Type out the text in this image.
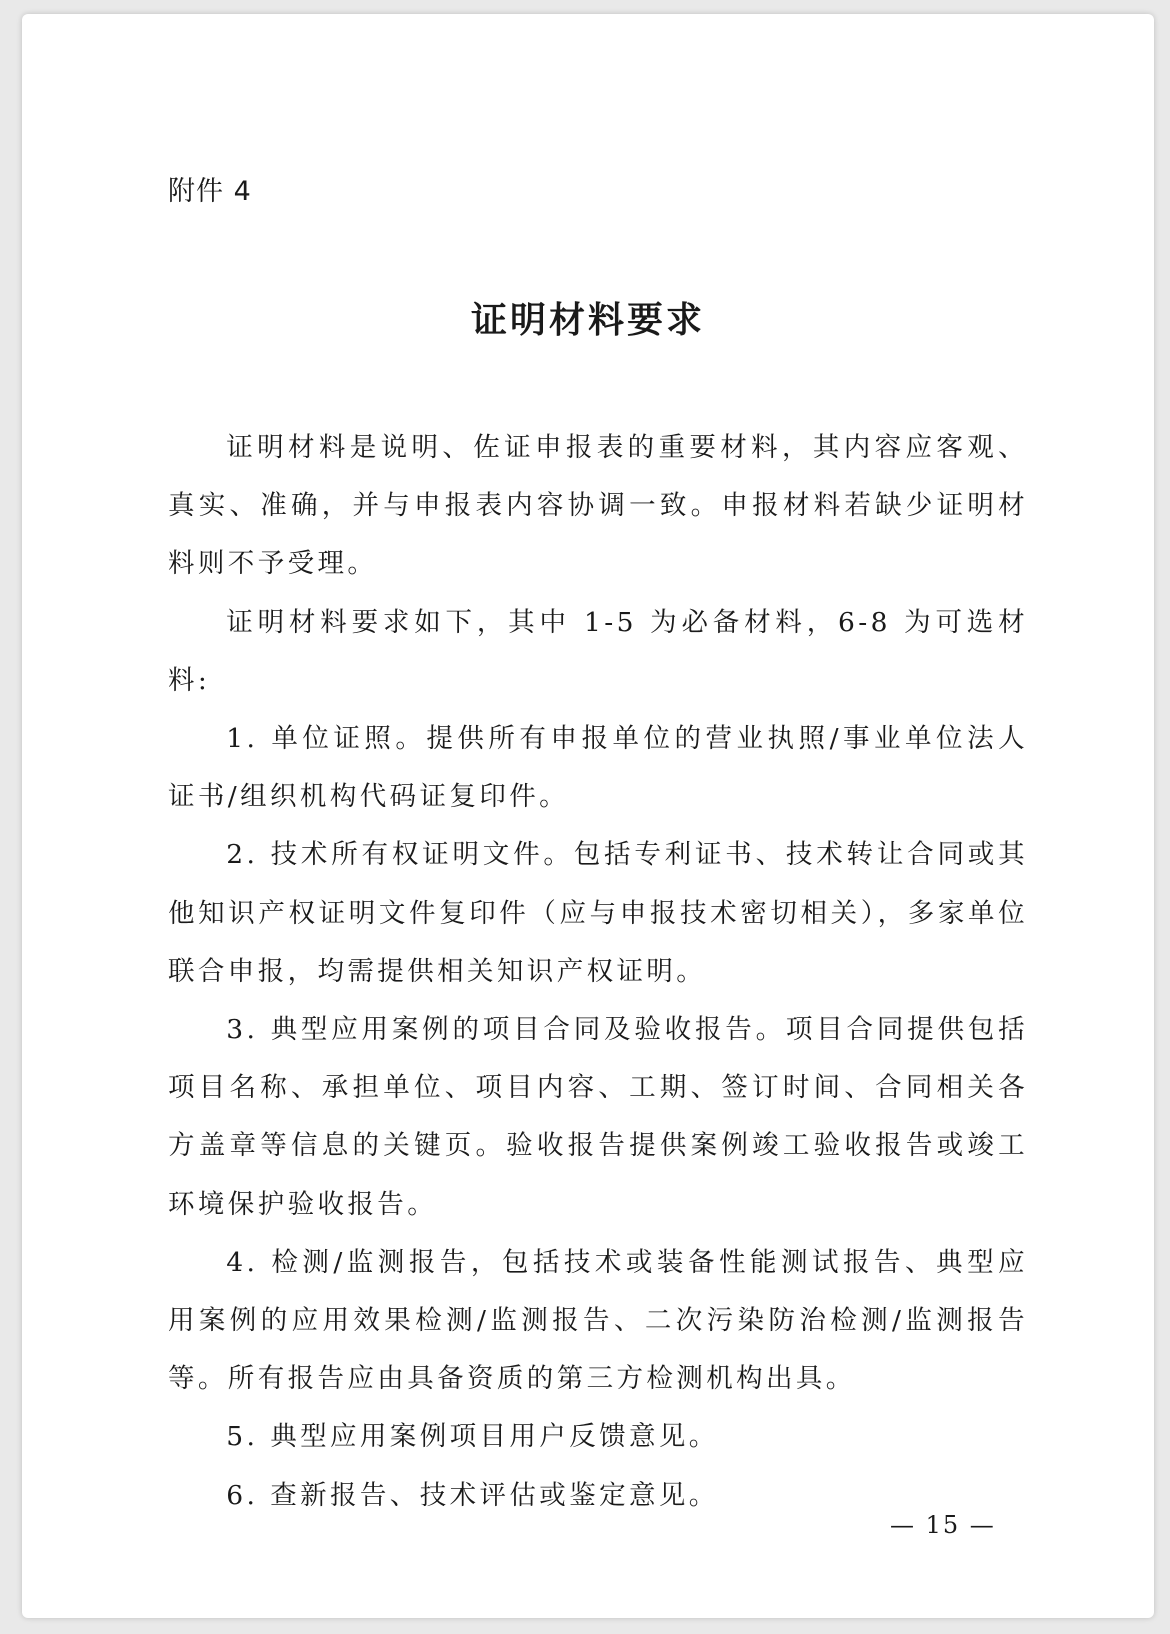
附件 4
证明材料要求

证明材料是说明、佐证申报表的重要材料，其内容应客观、真实、准确，并与申报表内容协调一致。申报材料若缺少证明材料则不予受理。

证明材料要求如下，其中 1-5 为必备材料，6-8 为可选材料:

1. 单位证照。提供所有申报单位的营业执照/事业单位法人证书/组织机构代码证复印件。

2. 技术所有权证明文件。包括专利证书、技术转让合同或其他知识产权证明文件复印件（应与申报技术密切相关），多家单位联合申报，均需提供相关知识产权证明。

3. 典型应用案例的项目合同及验收报告。项目合同提供包括项目名称、承担单位、项目内容、工期、签订时间、合同相关各方盖章等信息的关键页。验收报告提供案例竣工验收报告或竣工环境保护验收报告。

4. 检测/监测报告，包括技术或装备性能测试报告、典型应用案例的应用效果检测/监测报告、二次污染防治检测/监测报告等。所有报告应由具备资质的第三方检测机构出具。

5. 典型应用案例项目用户反馈意见。

6. 查新报告、技术评估或鉴定意见。

— 15 —
